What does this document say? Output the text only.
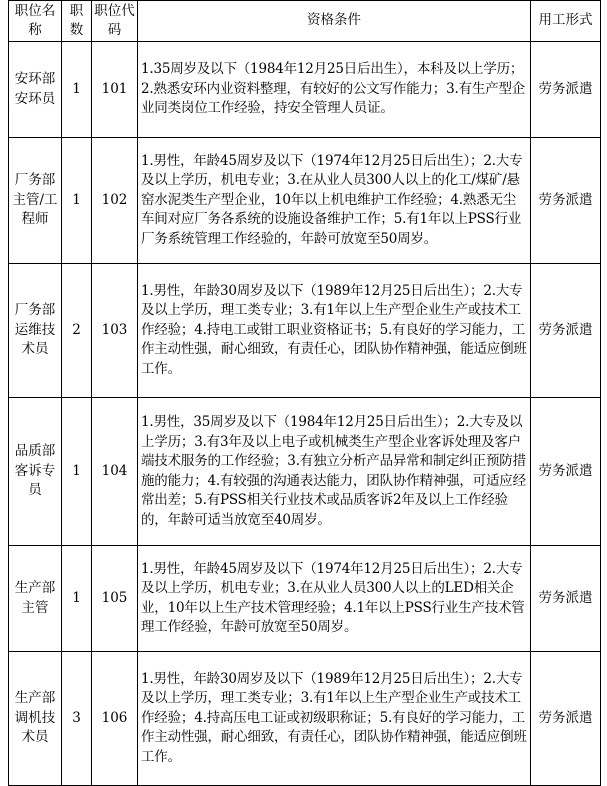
职位名称	职数	职位代码	资格条件	用工形式
安环部安环员	1	101	1.35周岁及以下（1984年12月25日后出生），本科及以上学历；2.熟悉安环内业资料整理，有较好的公文写作能力；3.有生产型企业同类岗位工作经验，持安全管理人员证。	劳务派遣
厂务部主管/工程师	1	102	1.男性，年龄45周岁及以下（1974年12月25日后出生）；2.大专及以上学历，机电专业；3.在从业人员300人以上的化工/煤矿/悬窑水泥类生产型企业，10年以上机电维护工作经验；4.熟悉无尘车间对应厂务各系统的设施设备维护工作；5.有1年以上PSS行业厂务系统管理工作经验的，年龄可放宽至50周岁。	劳务派遣
厂务部运维技术员	2	103	1.男性，年龄30周岁及以下（1989年12月25日后出生）；2.大专及以上学历，理工类专业；3.有1年以上生产型企业生产或技术工作经验；4.持电工或钳工职业资格证书；5.有良好的学习能力，工作主动性强，耐心细致，有责任心，团队协作精神强，能适应倒班工作。	劳务派遣
品质部客诉专员	1	104	1.男性，35周岁及以下（1984年12月25日后出生）；2.大专及以上学历；3.有3年及以上电子或机械类生产型企业客诉处理及客户端技术服务的工作经验；3.有独立分析产品异常和制定纠正预防措施的能力；4.有较强的沟通表达能力，团队协作精神强，可适应经常出差；5.有PSS相关行业技术或品质客诉2年及以上工作经验的，年龄可适当放宽至40周岁。	劳务派遣
生产部主管	1	105	1.男性，年龄45周岁及以下（1974年12月25日后出生）；2.大专及以上学历，机电专业；3.在从业人员300人以上的LED相关企业，10年以上生产技术管理经验；4.1年以上PSS行业生产技术管理工作经验，年龄可放宽至50周岁。	劳务派遣
生产部调机技术员	3	106	1.男性，年龄30周岁及以下（1989年12月25日后出生）；2.大专及以上学历，理工类专业；3.有1年以上生产型企业生产或技术工作经验；4.持高压电工证或初级职称证；5.有良好的学习能力，工作主动性强，耐心细致，有责任心，团队协作精神强，能适应倒班工作。	劳务派遣
